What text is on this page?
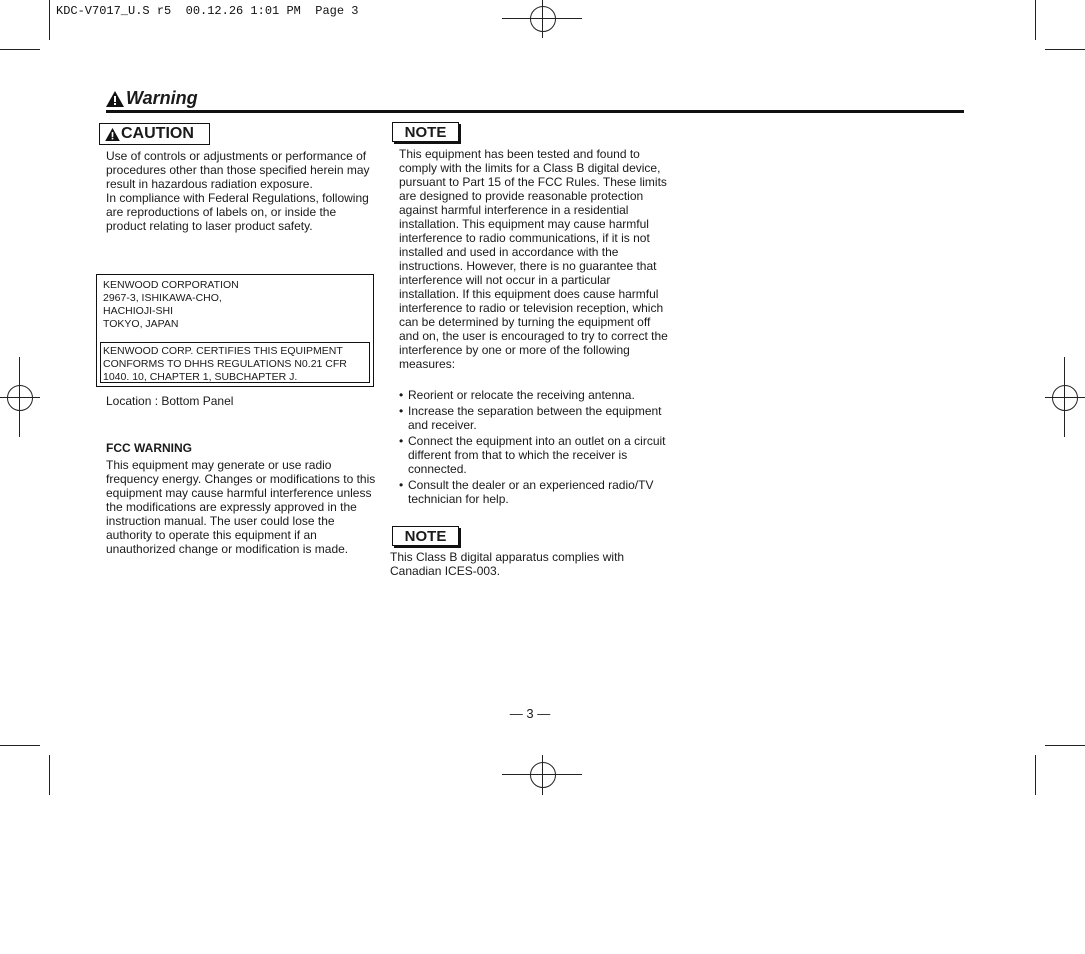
KDC-V7017_U.S r5  00.12.26 1:01 PM  Page 3
Warning
CAUTION
Use of controls or adjustments or performance of procedures other than those specified herein may result in hazardous radiation exposure.
In compliance with Federal Regulations, following are reproductions of labels on, or inside the product relating to laser product safety.
KENWOOD CORPORATION
2967-3, ISHIKAWA-CHO,
HACHIOJI-SHI
TOKYO, JAPAN
KENWOOD CORP. CERTIFIES THIS EQUIPMENT
CONFORMS TO DHHS REGULATIONS N0.21 CFR
1040. 10, CHAPTER 1, SUBCHAPTER J.
Location : Bottom Panel
FCC WARNING
This equipment may generate or use radio frequency energy. Changes or modifications to this equipment may cause harmful interference unless the modifications are expressly approved in the instruction manual. The user could lose the authority to operate this equipment if an unauthorized change or modification is made.
NOTE
This equipment has been tested and found to comply with the limits for a Class B digital device, pursuant to Part 15 of the FCC Rules. These limits are designed to provide reasonable protection against harmful interference in a residential installation. This equipment may cause harmful interference to radio communications, if it is not installed and used in accordance with the instructions. However, there is no guarantee that interference will not occur in a particular installation. If this equipment does cause harmful interference to radio or television reception, which can be determined by turning the equipment off and on, the user is encouraged to try to correct the interference by one or more of the following measures:
• Reorient or relocate the receiving antenna.
• Increase the separation between the equipment and receiver.
• Connect the equipment into an outlet on a circuit different from that to which the receiver is connected.
• Consult the dealer or an experienced radio/TV technician for help.
NOTE
This Class B digital apparatus complies with Canadian ICES-003.
— 3 —
